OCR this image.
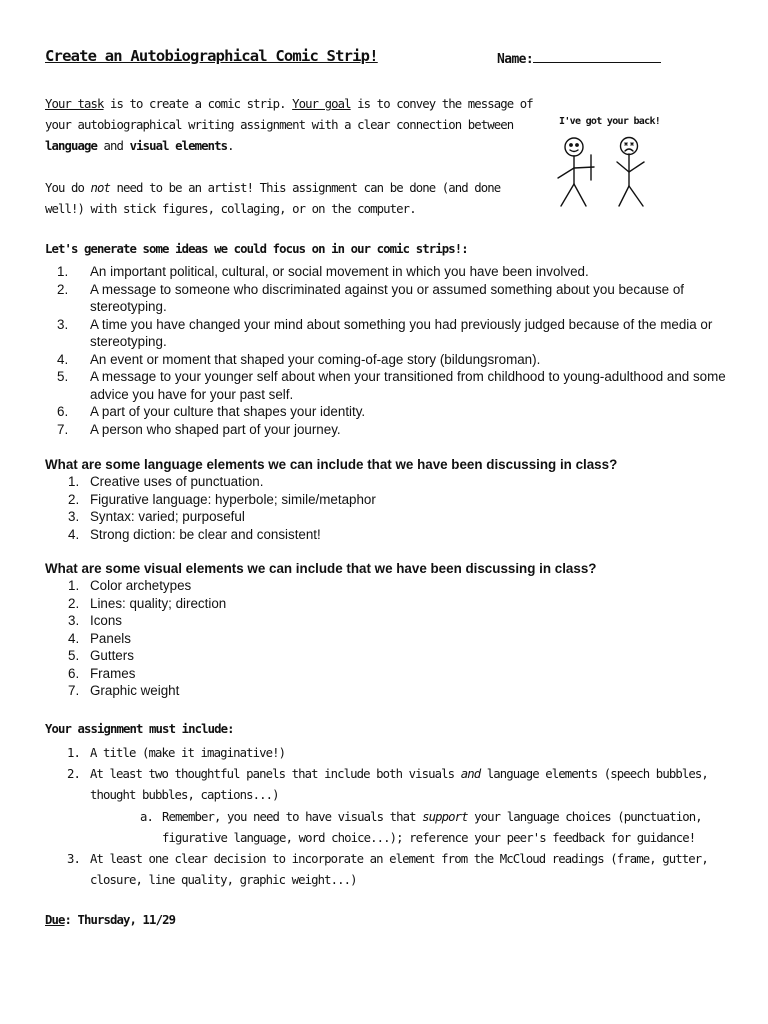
Create an Autobiographical Comic Strip!	Name:
Your task is to create a comic strip. Your goal is to convey the message of your autobiographical writing assignment with a clear connection between language and visual elements.
You do not need to be an artist! This assignment can be done (and done well!) with stick figures, collaging, or on the computer.
I've got your back!
Let's generate some ideas we could focus on in our comic strips!:
1. An important political, cultural, or social movement in which you have been involved.
2. A message to someone who discriminated against you or assumed something about you because of stereotyping.
3. A time you have changed your mind about something you had previously judged because of the media or stereotyping.
4. An event or moment that shaped your coming-of-age story (bildungsroman).
5. A message to your younger self about when your transitioned from childhood to young-adulthood and some advice you have for your past self.
6. A part of your culture that shapes your identity.
7. A person who shaped part of your journey.
What are some language elements we can include that we have been discussing in class?
1. Creative uses of punctuation.
2. Figurative language: hyperbole; simile/metaphor
3. Syntax: varied; purposeful
4. Strong diction: be clear and consistent!
What are some visual elements we can include that we have been discussing in class?
1. Color archetypes
2. Lines: quality; direction
3. Icons
4. Panels
5. Gutters
6. Frames
7. Graphic weight
Your assignment must include:
1. A title (make it imaginative!)
2. At least two thoughtful panels that include both visuals and language elements (speech bubbles, thought bubbles, captions...)
a. Remember, you need to have visuals that support your language choices (punctuation, figurative language, word choice...); reference your peer's feedback for guidance!
3. At least one clear decision to incorporate an element from the McCloud readings (frame, gutter, closure, line quality, graphic weight...)
Due: Thursday, 11/29
